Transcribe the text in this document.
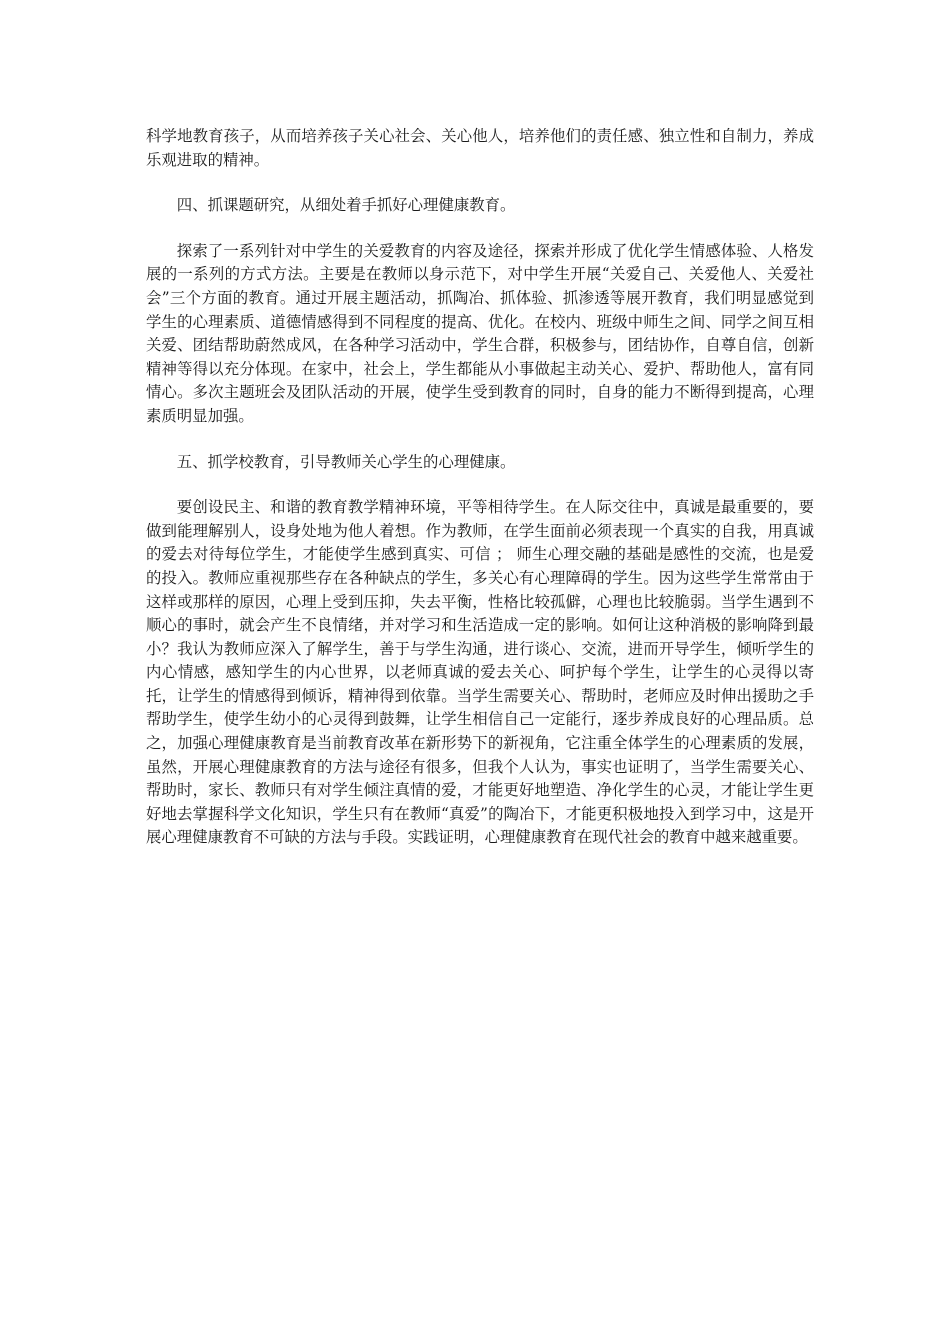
科学地教育孩子，从而培养孩子关心社会、关心他人，培养他们的责任感、独立性和自制力，养成乐观进取的精神。

四、抓课题研究，从细处着手抓好心理健康教育。

探索了一系列针对中学生的关爱教育的内容及途径，探索并形成了优化学生情感体验、人格发展的一系列的方式方法。主要是在教师以身示范下，对中学生开展“关爱自己、关爱他人、关爱社会”三个方面的教育。通过开展主题活动，抓陶冶、抓体验、抓渗透等展开教育，我们明显感觉到学生的心理素质、道德情感得到不同程度的提高、优化。在校内、班级中师生之间、同学之间互相关爱、团结帮助蔚然成风，在各种学习活动中，学生合群，积极参与，团结协作，自尊自信，创新精神等得以充分体现。在家中，社会上，学生都能从小事做起主动关心、爱护、帮助他人，富有同情心。多次主题班会及团队活动的开展，使学生受到教育的同时，自身的能力不断得到提高，心理素质明显加强。

五、抓学校教育，引导教师关心学生的心理健康。

要创设民主、和谐的教育教学精神环境，平等相待学生。在人际交往中，真诚是最重要的，要做到能理解别人，设身处地为他人着想。作为教师，在学生面前必须表现一个真实的自我，用真诚的爱去对待每位学生，才能使学生感到真实、可信 ； 师生心理交融的基础是感性的交流，也是爱的投入。教师应重视那些存在各种缺点的学生，多关心有心理障碍的学生。因为这些学生常常由于这样或那样的原因，心理上受到压抑，失去平衡，性格比较孤僻，心理也比较脆弱。当学生遇到不顺心的事时，就会产生不良情绪，并对学习和生活造成一定的影响。如何让这种消极的影响降到最小？我认为教师应深入了解学生，善于与学生沟通，进行谈心、交流，进而开导学生，倾听学生的内心情感，感知学生的内心世界，以老师真诚的爱去关心、呵护每个学生，让学生的心灵得以寄托，让学生的情感得到倾诉，精神得到依靠。当学生需要关心、帮助时，老师应及时伸出援助之手帮助学生，使学生幼小的心灵得到鼓舞，让学生相信自己一定能行，逐步养成良好的心理品质。总之，加强心理健康教育是当前教育改革在新形势下的新视角，它注重全体学生的心理素质的发展，虽然，开展心理健康教育的方法与途径有很多，但我个人认为，事实也证明了，当学生需要关心、帮助时，家长、教师只有对学生倾注真情的爱，才能更好地塑造、净化学生的心灵，才能让学生更好地去掌握科学文化知识，学生只有在教师“真爱”的陶冶下，才能更积极地投入到学习中，这是开展心理健康教育不可缺的方法与手段。实践证明，心理健康教育在现代社会的教育中越来越重要。
